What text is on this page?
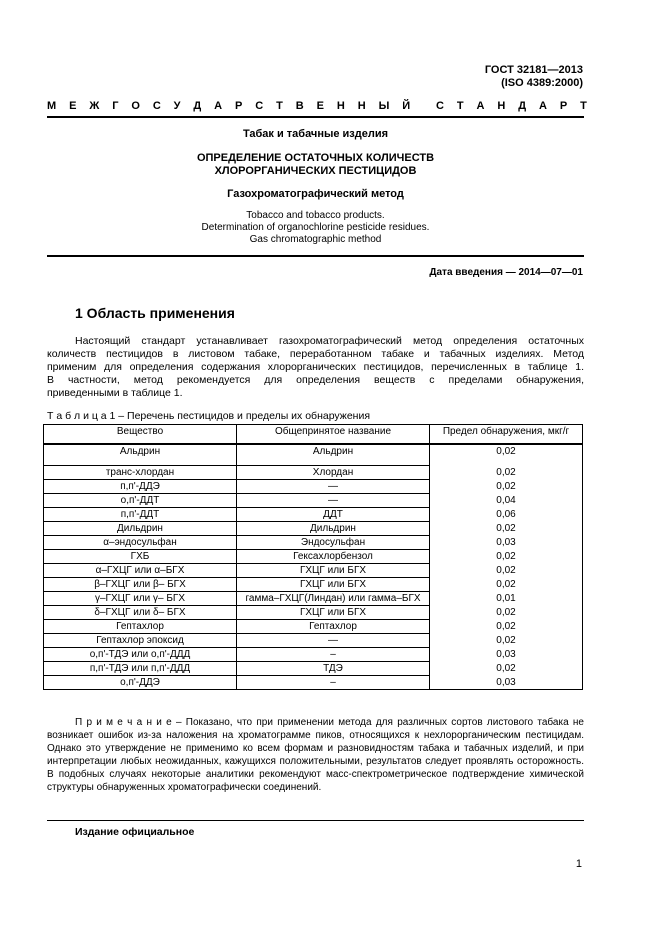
ГОСТ 32181—2013
(ISO 4389:2000)
М Е Ж Г О С У Д А Р С Т В Е Н Н Ы Й С Т А Н Д А Р Т
Табак и табачные изделия
ОПРЕДЕЛЕНИЕ ОСТАТОЧНЫХ КОЛИЧЕСТВ
ХЛОРОРГАНИЧЕСКИХ ПЕСТИЦИДОВ
Газохроматографический метод
Tobacco and tobacco products.
Determination of organochlorine pesticide residues.
Gas chromatographic method
Дата введения — 2014—07—01
1 Область применения
Настоящий стандарт устанавливает газохроматографический метод определения остаточных
количеств пестицидов в листовом табаке, переработанном табаке и табачных изделиях. Метод
применим для определения содержания хлорорганических пестицидов, перечисленных в таблице 1.
В частности, метод рекомендуется для определения веществ с пределами обнаружения,
приведенными в таблице 1.
Т а б л и ц а 1 – Перечень пестицидов и пределы их обнаружения
Вещество	Общепринятое название	Предел обнаружения, мкг/г
Альдрин	Альдрин	0,02
транс-хлордан	Хлордан	0,02
п,п'-ДДЭ	—	0,02
о,п'-ДДТ	—	0,04
п,п'-ДДТ	ДДТ	0,06
Дильдрин	Дильдрин	0,02
α–эндосульфан	Эндосульфан	0,03
ГХБ	Гексахлорбензол	0,02
α–ГХЦГ или α–БГХ	ГХЦГ или БГХ	0,02
β–ГХЦГ или β– БГХ	ГХЦГ или БГХ	0,02
γ–ГХЦГ или γ– БГХ	гамма–ГХЦГ(Линдан) или гамма–БГХ	0,01
δ–ГХЦГ или δ– БГХ	ГХЦГ или БГХ	0,02
Гептахлор	Гептахлор	0,02
Гептахлор эпоксид	—	0,02
о,п'-ТДЭ или о,п'-ДДД	–	0,03
п,п'-ТДЭ или п,п'-ДДД	ТДЭ	0,02
о,п'-ДДЭ	–	0,03
П р и м е ч а н и е – Показано, что при применении метода для различных сортов листового табака не
возникает ошибок из-за наложения на хроматограмме пиков, относящихся к нехлорорганическим пестицидам.
Однако это утверждение не применимо ко всем формам и разновидностям табака и табачных изделий, и при
интерпретации любых неожиданных, кажущихся положительными, результатов следует проявлять осторожность.
В подобных случаях некоторые аналитики рекомендуют масс-спектрометрическое подтверждение химической
структуры обнаруженных хроматографически соединений.
Издание официальное
1
